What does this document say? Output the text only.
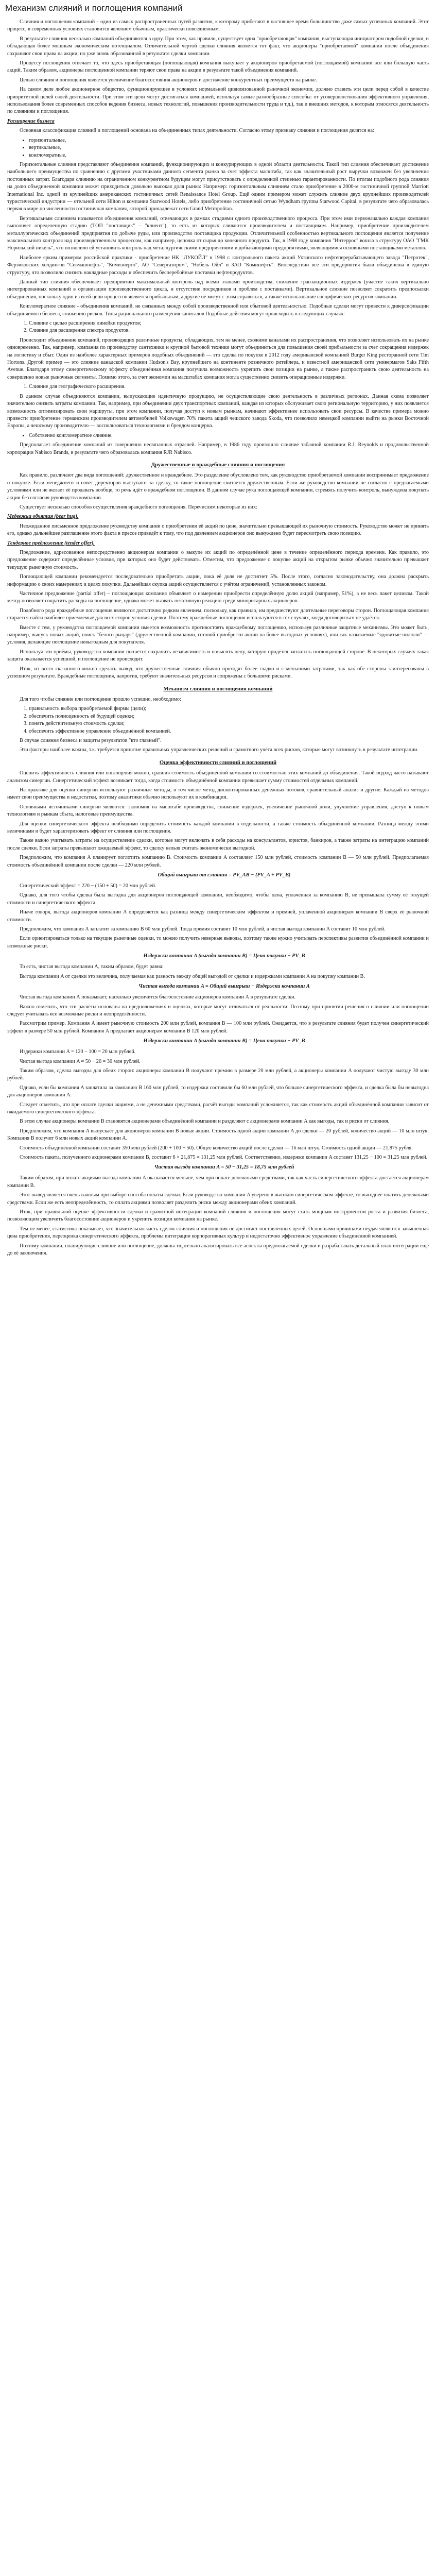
Механизм слияний и поглощения компаний

Слияния и поглощения компаний – один из самых распространенных путей развития, к которому прибегают в настоящее время большинство даже самых успешных компаний. Этот процесс, в современных условиях становится явлением обычным, практически повседневным.

В результате слияния несколько компаний объединяются в одну. При этом, как правило, существует одна "приобретающая" компания, выступающая инициатором подобной сделки, и обладающая более мощным экономическим потенциалом. Отличительной чертой сделки слияния является тот факт, что акционеры "приобретаемой" компании после объединения сохраняют свои права на акции, но уже вновь образованной в результате сделки компании.

Процессу поглощения отвечает то, что здесь приобретающая (поглощающая) компания выкупает у акционеров приобретаемой (поглощаемой) компании все или большую часть акций. Таким образом, акционеры поглощенной компании теряют свои права на акции в результате такой объединения компаний.

Целью слияния и поглощения является увеличение благосостояния акционеров и достижение конкурентных преимуществ на рынке.

На самом деле любое акционерное общество, функционирующее в условиях нормальной цивилизованной рыночной экономии, должно ставить эти цели перед собой в качестве приоритетной целей своей деятельности. При этом эти цели могут достигаться компанией, используя самые разнообразные способы: от усовершенствования эффективного управления, использования более современных способов ведения бизнеса, новых технологий, повышения производительности труда и т.д.), так и внешних методов, к которым относятся деятельность по слияниям и поглощения.

Расширение бизнеса

Основная классификация слияний и поглощений основана на объединенных типах деятельности. Согласно этому признаку слияния и поглощения делятся на:

• горизонтальные,
• вертикальные,
• конгломератные.

Горизонтальные слияния представляют объединения компаний, функционирующих и конкурирующих в одной области деятельности. Такой тип слияния обеспечивает достижение наибольшего преимущества по сравнению с другими участниками данного сегмента рынка за счет эффекта масштаба, так как значительный рост выручки возможен без увеличения постоянных затрат. Благодаря слиянию на ограниченном конкурентном будущем могут присутствовать с определенной степенью гарантированности. По итогам подобного рода слияния на долю объединенной компании может приходиться довольно высокая доля рынка: Например: горизонтальным слиянием стало приобретение в 2000-м гостиничной группой Marriott International Inc. одной из крупнейших американских гостиничных сетей Renaissance Hotel Group. Ещё одним примером может служить слияние двух крупнейших производителей туристической индустрии — отельной сети Hilton и компании Starwood Hotels, либо приобретение гостиничной сетью Wyndham группы Starwood Capital, в результате чего образовалась первая в мире по численности гостиничная компания, которой принадлежат сети Grand Metropolitan.

Вертикальным слиянием называется объединения компаний, отвечающих в рамках стадиями одного производственного процесса. При этом ими первоначально каждая компания выполняет определенную стадию (ТОП "поставщик" – "клиент"), то есть из которых сливаются производителем и поставщиком. Например, приобретение производителем металлургических объединений предприятия по добыче руды, или производство поставщика продукции. Отличительной особенностью вертикального поглощения является получение максимального контроля над производственным процессом, как например, цепочка от сырья до конечного продукта. Так, в 1998 году компания "Интеррос" вошла в структуру ОАО "ГМК Норильский никель", что позволило ей установить контроль над металлургическими предприятиями и добывающими предприятиями, являющимися основными поставщиками металлов.

Наиболее ярким примером российской практики - приобретение НК "ЛУКОЙЛ" в 1998 г. контрольного пакета акций Ухтинского нефтеперерабатывающего завода "Петротек", Ферзиковских холдингов "Севмашнефть", "Комиэнерго", АО "Севергазпром", "Нобель Ойл" и ЗАО "Коминефть". Впоследствии все эти предприятия были объединены в единую структуру, что позволило снизить накладные расходы и обеспечить бесперебойные поставки нефтепродуктов.

Данный тип слияния обеспечивает предприятию максимальный контроль над всеми этапами производства, снижение транзакционных издержек (участие таких вертикально интегрированных компаний в организации производственного цикла, и отсутствие посредников и проблем с поставками). Вертикальное слияние позволяет сократить предпосылки объединения, поскольку один из всей цепи процессов является прибыльным, а другие не могут с этим справиться, а также использование специфических ресурсов компании.

Конгломератное слияние - объединения компаний, не связанных между собой производственной или сбытовой деятельностью. Подобные сделки могут привести к диверсификации объединяемого бизнеса, снижению рисков. Типы рационального размещения капиталов Подобные действия могут происходить в следующих случаях:

1. Слияние с целью расширения линейки продуктов;
2. Слияние для расширения спектра продуктов.

Происходит объединение компаний, производящих различные продукты, обладающих, тем не менее, схожими каналами их распространения, что позволяет использовать их на рынке одновременно. Так, например, компания по производству сантехники и крупной бытовой техники могут объединиться для повышения своей прибыльности за счет сокращения издержек на логистику и сбыт. Один из наиболее характерных примеров подобных объединений — это сделка по покупке в 2012 году американской компанией Burger King ресторанной сети Tim Hortons. Другой пример — это слияние канадской компании Hudson's Bay, крупнейшего на континенте розничного ритейлера, и известной американской сети универмагов Saks Fifth Avenue. Благодаря этому синергетическому эффекту объединённая компания получила возможность укрепить свои позиции на рынке, а также распространить свою деятельность на совершенно новые рыночные сегменты. Помимо этого, за счет экономии на масштабах компания могла существенно снизить операционные издержки.

1. Слияние для географического расширения.

В данном случае объединяются компании, выпускающие идентичную продукцию, не осуществляющие свою деятельность в различных регионах. Данная схема позволяет значительно снизить затраты компании. Так, например, при объединении двух транспортных компаний, каждая из которых обслуживает свою региональную территорию, у них появляется возможность оптимизировать свои маршруты, при этом компании, получая доступ к новым рынкам, начинают эффективнее использовать свои ресурсы. В качестве примера можно привести приобретение германским производителем автомобилей Volkswagen 70% пакета акций чешского завода Skoda, что позволило немецкой компании выйти на рынки Восточной Европы, а чешскому производителю — воспользоваться технологиями и брендом концерна.

• Собственно конгломератное слияние.

Предполагает объединение компаний из совершенно несвязанных отраслей. Например, в 1986 году произошло слияние табачной компании R.J. Reynolds и продовольственной корпорации Nabisco Brands, в результате чего образовалась компания RJR Nabisco.

Дружественные и враждебные слияния и поглощения

Как правило, различают два вида поглощений: дружественное и враждебное. Это разделение обусловлено тем, как руководство приобретаемой компании воспринимает предложение о покупке. Если менеджмент и совет директоров выступают за сделку, то такое поглощение считается дружественным. Если же руководство компании не согласно с предлагаемыми условиями или не желает её продавать вообще, то речь идёт о враждебном поглощении. В данном случае рука поглощающей компании, стремясь получить контроль, вынуждена покупать акции без согласия руководства компании.

Существует несколько способов осуществления враждебного поглощения. Перечислим некоторые из них:

Медвежьи объятия (bear hug).

Неожиданное письменное предложение руководству компании о приобретении её акций по цене, значительно превышающей их рыночную стоимость. Руководство может не принять его, однако дальнейшее разглашение этого факта в прессе приведёт к тому, что под давлением акционеров оно вынуждено будет пересмотреть свою позицию.

Тендерное предложение (tender offer).

Предложение, адресованное непосредственно акционерам компании о выкупе их акций по определённой цене в течение определённого периода времени. Как правило, это предложение содержит определённые условия, при которых оно будет действовать. Отметим, что предложение о покупке акций на открытом рынке обычно значительно превышает текущую рыночную стоимость.

Поглощающей компании рекомендуется последовательно приобретать акции, пока её доля не достигнет 5%. После этого, согласно законодательству, она должна раскрыть информацию о своих намерениях и целях покупки. Дальнейшая скупка акций осуществляется с учётом ограничений, установленных законом.

Частичное предложение (partial offer) – поглощающая компания объявляет о намерении приобрести определённую долю акций (например, 51%), а не весь пакет целиком. Такой метод позволяет сократить расходы на поглощение, однако может вызвать негативную реакцию среди миноритарных акционеров.

Подобного рода враждебные поглощения являются достаточно редким явлением, поскольку, как правило, им предшествуют длительные переговоры сторон. Поглощающая компания старается найти наиболее приемлемые для всех сторон условия сделки. Поэтому враждебные поглощения используются в тех случаях, когда договориться не удаётся.

Вместе с тем, у руководства поглощаемой компании имеется возможность противостоять враждебному поглощению, используя различные защитные механизмы. Это может быть, например, выпуск новых акций, поиск "белого рыцаря" (дружественной компании, готовой приобрести акции на более выгодных условиях), или так называемые "ядовитые пилюли" — условия, делающие поглощение невыгодным для покупателя.

Используя эти приёмы, руководство компании пытается сохранить независимость и повысить цену, которую придётся заплатить поглощающей стороне. В некоторых случаях такая защита оказывается успешной, и поглощение не происходит.

Итак, из всего сказанного можно сделать вывод, что дружественные слияния обычно проходят более гладко и с меньшими затратами, так как обе стороны заинтересованы в успешном результате. Враждебные поглощения, напротив, требуют значительных ресурсов и сопряжены с большими рисками.

Механизм слияния и поглощения компаний

Для того чтобы слияние или поглощение прошло успешно, необходимо:

1. правильность выбора приобретаемой фирмы (цели);
2. обеспечить полноценность её будущей оценки;
3. понять действительную стоимость сделки;
4. обеспечить эффективное управление объединённой компанией.

В случае слияния бизнеса и защиты результатов "кто главный".

Эти факторы наиболее важны, т.к. требуется принятие правильных управленческих решений и грамотного учёта всех рисков, которые могут возникнуть в результате интеграции.

Оценка эффективности слияний и поглощений

Оценить эффективность слияния или поглощения можно, сравнив стоимость объединённой компании со стоимостью этих компаний до объединения. Такой подход часто называют анализом синергии. Синергетический эффект возникает тогда, когда стоимость объединённой компании превышает сумму стоимостей отдельных компаний.

На практике для оценки синергии используют различные методы, в том числе метод дисконтированных денежных потоков, сравнительный анализ и другие. Каждый из методов имеет свои преимущества и недостатки, поэтому аналитики обычно используют их в комбинации.

Основными источниками синергии являются: экономия на масштабе производства, снижение издержек, увеличение рыночной доли, улучшение управления, доступ к новым технологиям и рынкам сбыта, налоговые преимущества.

Для оценки синергетического эффекта необходимо определить стоимость каждой компании в отдельности, а также стоимость объединённой компании. Разница между этими величинами и будет характеризовать эффект от слияния или поглощения.

Также важно учитывать затраты на осуществление сделки, которые могут включать в себя расходы на консультантов, юристов, банкиров, а также затраты на интеграцию компаний после сделки. Если затраты превышают ожидаемый эффект, то сделку нельзя считать экономически выгодной.

Предположим, что компания A планирует поглотить компанию B. Стоимость компании A составляет 150 млн рублей, стоимость компании B — 50 млн рублей. Предполагаемая стоимость объединённой компании после сделки — 220 млн рублей.

Общий выигрыш от слияния = PV_AB − (PV_A + PV_B)

Синергетический эффект = 220 − (150 + 50) = 20 млн рублей.

Однако, для того чтобы сделка была выгодна для акционеров поглощающей компании, необходимо, чтобы цена, уплаченная за компанию B, не превышала сумму её текущей стоимости и синергетического эффекта.

Иначе говоря, выгода акционеров компании A определяется как разница между синергетическим эффектом и премией, уплаченной акционерам компании B сверх её рыночной стоимости.

Предположим, что компания A заплатит за компанию B 60 млн рублей. Тогда премия составит 10 млн рублей, а чистая выгода компании A составит 10 млн рублей.

Если ориентироваться только на текущие рыночные оценки, то можно получить неверные выводы, поэтому также нужно учитывать перспективы развития объединённой компании и возможные риски.

Издержки компании A (выгода компании B) = Цена покупки − PV_B

То есть, чистая выгода компании A, таким образом, будет равна:

Выгода компании A от сделки это величина, получаемая как разность между общей выгодой от сделки и издержками компании A на покупку компании B.

Чистая выгода компании A = Общий выигрыш − Издержки компании A

Чистая выгода компании А показывает, насколько увеличится благосостояние акционеров компании А в результате сделки.

Важно отметить, что эти расчёты основаны на предположениях и оценках, которые могут отличаться от реальности. Поэтому при принятии решения о слиянии или поглощении следует учитывать все возможные риски и неопределённости.

Рассмотрим пример. Компания A имеет рыночную стоимость 200 млн рублей, компания B — 100 млн рублей. Ожидается, что в результате слияния будет получен синергетический эффект в размере 50 млн рублей. Компания A предлагает акционерам компании B 120 млн рублей.

Издержки компании A (выгода компании B) = Цена покупки − PV_B

Издержки компании A = 120 − 100 = 20 млн рублей.

Чистая выгода компании A = 50 − 20 = 30 млн рублей.

Таким образом, сделка выгодна для обеих сторон: акционеры компании B получают премию в размере 20 млн рублей, а акционеры компании A получают чистую выгоду 30 млн рублей.

Однако, если бы компания A заплатила за компанию B 160 млн рублей, то издержки составили бы 60 млн рублей, что больше синергетического эффекта, и сделка была бы невыгодна для акционеров компании A.

Следует отметить, что при оплате сделки акциями, а не денежными средствами, расчёт выгоды компаний усложняется, так как стоимость акций объединённой компании зависит от ожидаемого синергетического эффекта.

В этом случае акционеры компании B становятся акционерами объединённой компании и разделяют с акционерами компании A как выгоды, так и риски от слияния.

Предположим, что компания A выпускает для акционеров компании B новые акции. Стоимость одной акции компании A до сделки — 20 рублей, количество акций — 10 млн штук. Компания B получит 6 млн новых акций компании A.

Стоимость объединённой компании составит 350 млн рублей (200 + 100 + 50). Общее количество акций после сделки — 16 млн штук. Стоимость одной акции — 21,875 рубля.

Стоимость пакета, полученного акционерами компании B, составит 6 × 21,875 = 131,25 млн рублей. Соответственно, издержки компании A составят 131,25 − 100 = 31,25 млн рублей.

Чистая выгода компании A = 50 − 31,25 = 18,75 млн рублей

Таким образом, при оплате акциями выгода компании A оказывается меньше, чем при оплате денежными средствами, так как часть синергетического эффекта достаётся акционерам компании B.

Этот вывод является очень важным при выборе способа оплаты сделки. Если руководство компании A уверено в высоком синергетическом эффекте, то выгоднее платить денежными средствами. Если же есть неопределённость, то оплата акциями позволяет разделить риски между акционерами обеих компаний.

Итак, при правильной оценке эффективности сделки и грамотной интеграции компаний слияния и поглощения могут стать мощным инструментом роста и развития бизнеса, позволяющим увеличить благосостояние акционеров и укрепить позиции компании на рынке.

Тем не менее, статистика показывает, что значительная часть сделок слияния и поглощения не достигает поставленных целей. Основными причинами неудач являются завышенная цена приобретения, переоценка синергетического эффекта, проблемы интеграции корпоративных культур и недостаточно эффективное управление объединённой компанией.

Поэтому компании, планирующие слияние или поглощение, должны тщательно анализировать все аспекты предполагаемой сделки и разрабатывать детальный план интеграции ещё до её заключения.
